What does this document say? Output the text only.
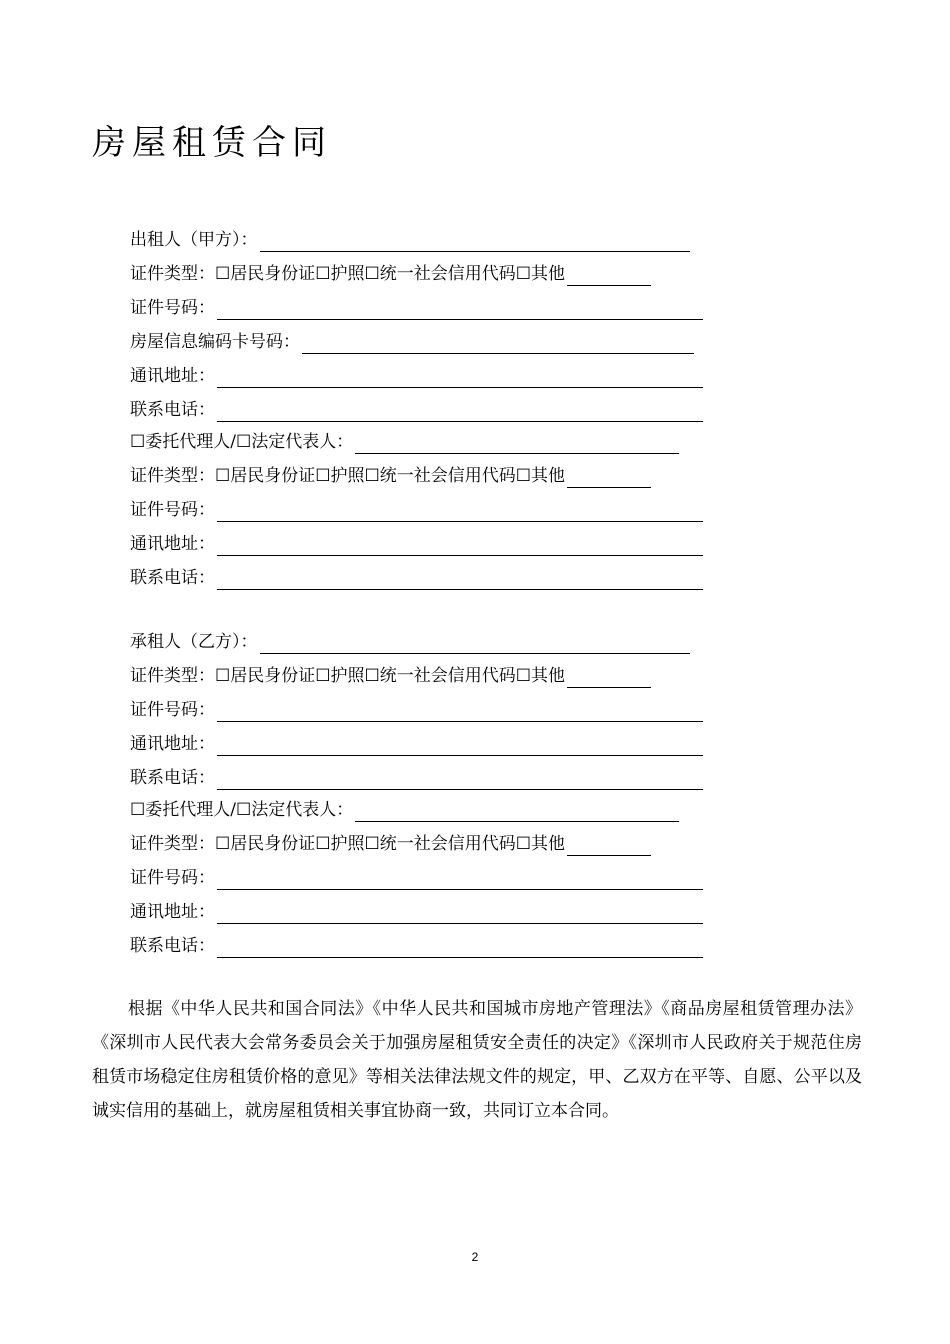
房屋租赁合同
出租人（甲方）：
证件类型：☐居民身份证☐护照☐统一社会信用代码☐其他
证件号码：
房屋信息编码卡号码：
通讯地址：
联系电话：
☐委托代理人/☐法定代表人：
证件类型：☐居民身份证☐护照☐统一社会信用代码☐其他
证件号码：
通讯地址：
联系电话：
承租人（乙方）：
证件类型：☐居民身份证☐护照☐统一社会信用代码☐其他
证件号码：
通讯地址：
联系电话：
☐委托代理人/☐法定代表人：
证件类型：☐居民身份证☐护照☐统一社会信用代码☐其他
证件号码：
通讯地址：
联系电话：

根据《中华人民共和国合同法》《中华人民共和国城市房地产管理法》《商品房屋租赁管理办法》《深圳市人民代表大会常务委员会关于加强房屋租赁安全责任的决定》《深圳市人民政府关于规范住房租赁市场稳定住房租赁价格的意见》等相关法律法规文件的规定，甲、乙双方在平等、自愿、公平以及诚实信用的基础上，就房屋租赁相关事宜协商一致，共同订立本合同。

2
